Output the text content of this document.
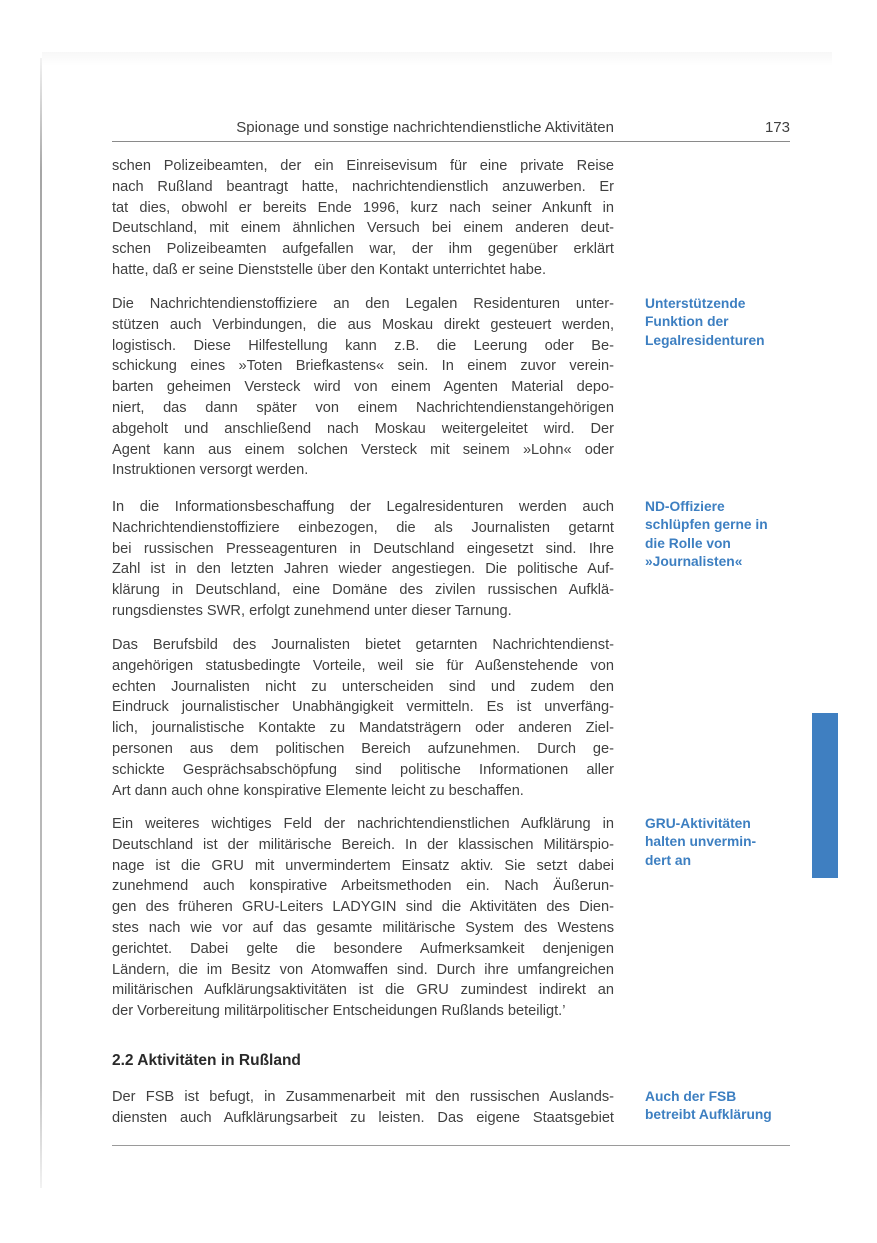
Spionage und sonstige nachrichtendienstliche Aktivitäten	173

schen Polizeibeamten, der ein Einreisevisum für eine private Reise
nach Rußland beantragt hatte, nachrichtendienstlich anzuwerben. Er
tat dies, obwohl er bereits Ende 1996, kurz nach seiner Ankunft in
Deutschland, mit einem ähnlichen Versuch bei einem anderen deut-
schen Polizeibeamten aufgefallen war, der ihm gegenüber erklärt
hatte, daß er seine Dienststelle über den Kontakt unterrichtet habe.

Die Nachrichtendienstoffiziere an den Legalen Residenturen unter-
stützen auch Verbindungen, die aus Moskau direkt gesteuert werden,
logistisch. Diese Hilfestellung kann z.B. die Leerung oder Be-
schickung eines »Toten Briefkastens« sein. In einem zuvor verein-
barten geheimen Versteck wird von einem Agenten Material depo-
niert, das dann später von einem Nachrichtendienstangehörigen
abgeholt und anschließend nach Moskau weitergeleitet wird. Der
Agent kann aus einem solchen Versteck mit seinem »Lohn« oder
Instruktionen versorgt werden.

In die Informationsbeschaffung der Legalresidenturen werden auch
Nachrichtendienstoffiziere einbezogen, die als Journalisten getarnt
bei russischen Presseagenturen in Deutschland eingesetzt sind. Ihre
Zahl ist in den letzten Jahren wieder angestiegen. Die politische Auf-
klärung in Deutschland, eine Domäne des zivilen russischen Aufklä-
rungsdienstes SWR, erfolgt zunehmend unter dieser Tarnung.

Das Berufsbild des Journalisten bietet getarnten Nachrichtendienst-
angehörigen statusbedingte Vorteile, weil sie für Außenstehende von
echten Journalisten nicht zu unterscheiden sind und zudem den
Eindruck journalistischer Unabhängigkeit vermitteln. Es ist unverfäng-
lich, journalistische Kontakte zu Mandatsträgern oder anderen Ziel-
personen aus dem politischen Bereich aufzunehmen. Durch ge-
schickte Gesprächsabschöpfung sind politische Informationen aller
Art dann auch ohne konspirative Elemente leicht zu beschaffen.

Ein weiteres wichtiges Feld der nachrichtendienstlichen Aufklärung in
Deutschland ist der militärische Bereich. In der klassischen Militärspio-
nage ist die GRU mit unvermindertem Einsatz aktiv. Sie setzt dabei
zunehmend auch konspirative Arbeitsmethoden ein. Nach Äußerun-
gen des früheren GRU-Leiters LADYGIN sind die Aktivitäten des Dien-
stes nach wie vor auf das gesamte militärische System des Westens
gerichtet. Dabei gelte die besondere Aufmerksamkeit denjenigen
Ländern, die im Besitz von Atomwaffen sind. Durch ihre umfangreichen
militärischen Aufklärungsaktivitäten ist die GRU zumindest indirekt an
der Vorbereitung militärpolitischer Entscheidungen Rußlands beteiligt.’

2.2 Aktivitäten in Rußland

Der FSB ist befugt, in Zusammenarbeit mit den russischen Auslands-
diensten auch Aufklärungsarbeit zu leisten. Das eigene Staatsgebiet

Unterstützende
Funktion der
Legalresidenturen

ND-Offiziere
schlüpfen gerne in
die Rolle von
»Journalisten«

GRU-Aktivitäten
halten unvermin-
dert an

Auch der FSB
betreibt Aufklärung
